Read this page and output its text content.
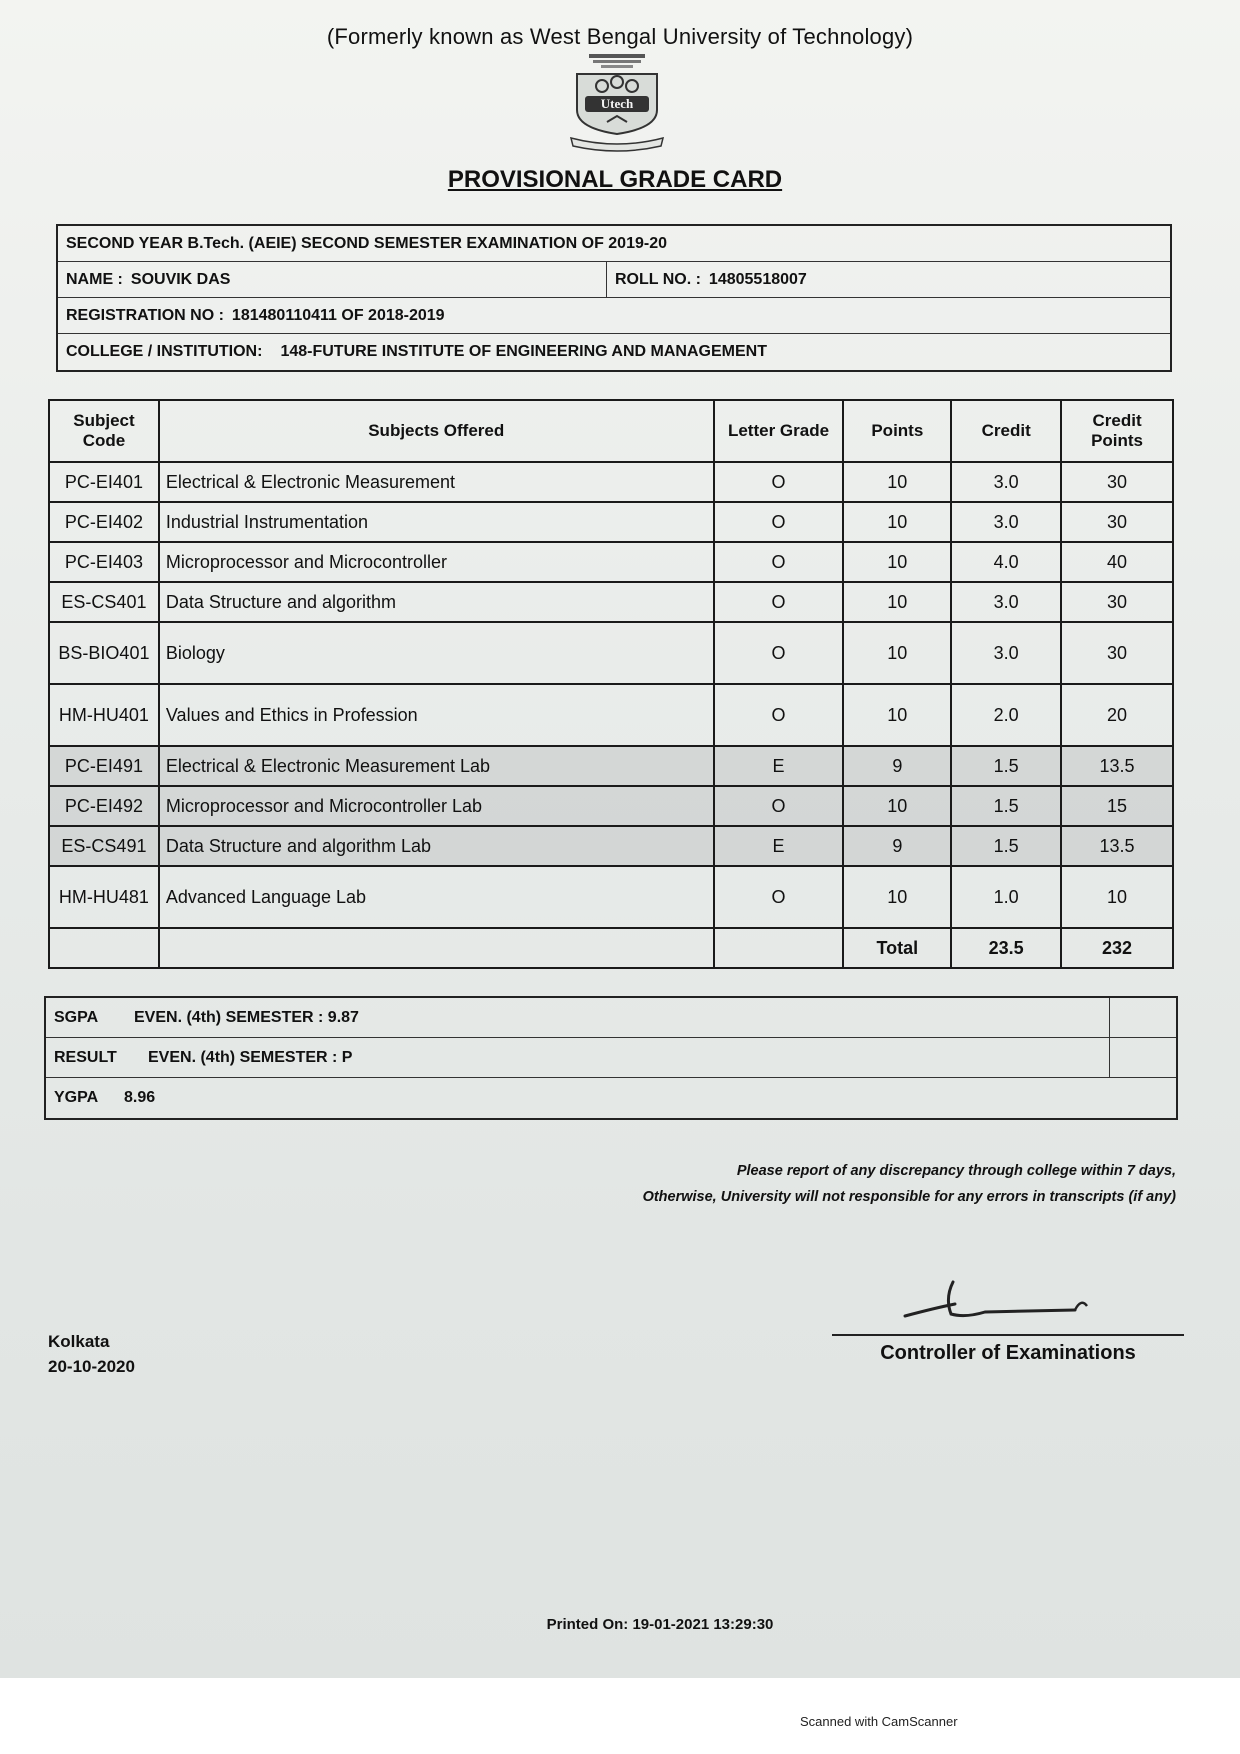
(Formerly known as West Bengal University of Technology)
Utech
PROVISIONAL GRADE CARD
SECOND YEAR B.Tech. (AEIE) SECOND SEMESTER EXAMINATION OF 2019-20
NAME : SOUVIK DAS	ROLL NO. : 14805518007
REGISTRATION NO : 181480110411 OF 2018-2019
COLLEGE / INSTITUTION: 148-FUTURE INSTITUTE OF ENGINEERING AND MANAGEMENT
Subject Code	Subjects Offered	Letter Grade	Points	Credit	Credit Points
PC-EI401	Electrical & Electronic Measurement	O	10	3.0	30
PC-EI402	Industrial Instrumentation	O	10	3.0	30
PC-EI403	Microprocessor and Microcontroller	O	10	4.0	40
ES-CS401	Data Structure and algorithm	O	10	3.0	30
BS-BIO401	Biology	O	10	3.0	30
HM-HU401	Values and Ethics in Profession	O	10	2.0	20
PC-EI491	Electrical & Electronic Measurement Lab	E	9	1.5	13.5
PC-EI492	Microprocessor and Microcontroller Lab	O	10	1.5	15
ES-CS491	Data Structure and algorithm Lab	E	9	1.5	13.5
HM-HU481	Advanced Language Lab	O	10	1.0	10
			Total	23.5	232
SGPA	EVEN. (4th) SEMESTER : 9.87
RESULT	EVEN. (4th) SEMESTER : P
YGPA	8.96
Please report of any discrepancy through college within 7 days,
Otherwise, University will not responsible for any errors in transcripts (if any)
Kolkata
20-10-2020
Controller of Examinations
Printed On: 19-01-2021 13:29:30
Scanned with CamScanner
